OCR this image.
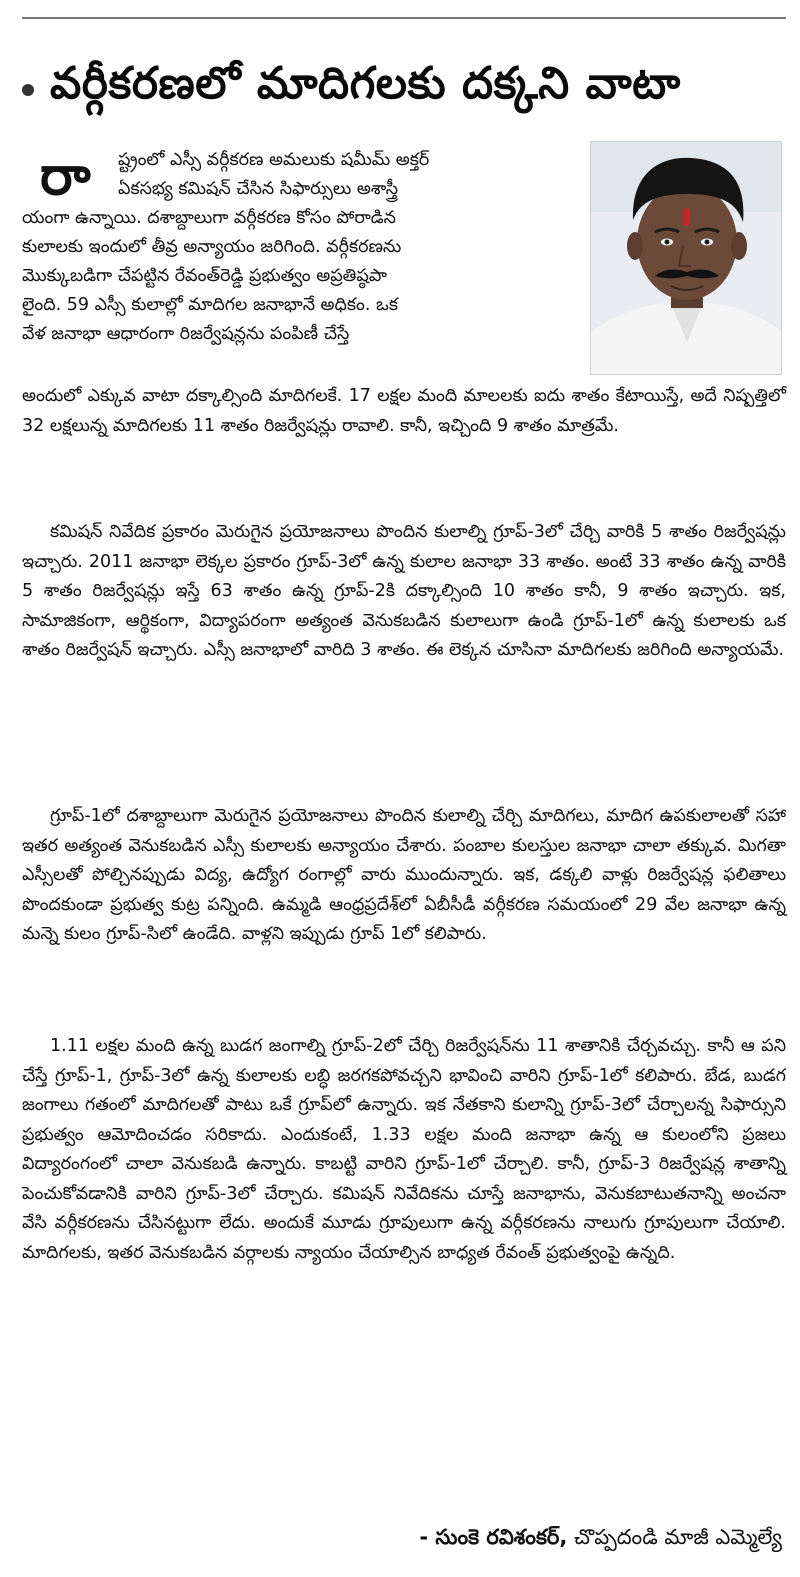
వర్గీకరణలో మాదిగలకు దక్కని వాటా
రా	ష్ట్రంలో ఎస్సీ వర్గీకరణ అమలుకు షమీమ్ అక్తర్
ఏకసభ్య కమిషన్ చేసిన సిఫార్సులు అశాస్త్రీ
యంగా ఉన్నాయి. దశాబ్దాలుగా వర్గీకరణ కోసం పోరాడిన
కులాలకు ఇందులో తీవ్ర అన్యాయం జరిగింది. వర్గీకరణను
మొక్కుబడిగా చేపట్టిన రేవంత్‌రెడ్డి ప్రభుత్వం అప్రతిష్ఠపా
లైంది. 59 ఎస్సీ కులాల్లో మాదిగల జనాభానే అధికం. ఒక
వేళ జనాభా ఆధారంగా రిజర్వేషన్లను పంపిణీ చేస్తే
అందులో ఎక్కువ వాటా దక్కాల్సింది మాదిగలకే. 17 లక్షల మంది మాలలకు ఐదు శాతం కేటాయిస్తే, అదే నిష్పత్తిలో 32 లక్షలున్న మాదిగలకు 11 శాతం రిజర్వేషన్లు రావాలి. కానీ, ఇచ్చింది 9 శాతం మాత్రమే.
కమిషన్ నివేదిక ప్రకారం మెరుగైన ప్రయోజనాలు పొందిన కులాల్ని గ్రూప్-3లో చేర్చి వారికి 5 శాతం రిజర్వేషన్లు ఇచ్చారు. 2011 జనాభా లెక్కల ప్రకారం గ్రూప్-3లో ఉన్న కులాల జనాభా 33 శాతం. అంటే 33 శాతం ఉన్న వారికి 5 శాతం రిజర్వేషన్లు ఇస్తే 63 శాతం ఉన్న గ్రూప్-2కి దక్కాల్సింది 10 శాతం కానీ, 9 శాతం ఇచ్చారు. ఇక, సామాజికంగా, ఆర్థికంగా, విద్యాపరంగా అత్యంత వెనుకబడిన కులాలుగా ఉండి గ్రూప్-1లో ఉన్న కులాలకు ఒక శాతం రిజర్వేషన్ ఇచ్చారు. ఎస్సీ జనాభాలో వారిది 3 శాతం. ఈ లెక్కన చూసినా మాదిగలకు జరిగింది అన్యాయమే.
గ్రూప్-1లో దశాబ్దాలుగా మెరుగైన ప్రయోజనాలు పొందిన కులాల్ని చేర్చి మాదిగలు, మాదిగ ఉపకులాలతో సహా ఇతర అత్యంత వెనుకబడిన ఎస్సీ కులాలకు అన్యాయం చేశారు. పంబాల కులస్తుల జనాభా చాలా తక్కువ. మిగతా ఎస్సీలతో పోల్చినప్పుడు విద్య, ఉద్యోగ రంగాల్లో వారు ముందున్నారు. ఇక, డక్కలి వాళ్లు రిజర్వేషన్ల ఫలితాలు పొందకుండా ప్రభుత్వ కుట్ర పన్నింది. ఉమ్మడి ఆంధ్రప్రదేశ్‌లో ఏబీసీడీ వర్గీకరణ సమయంలో 29 వేల జనాభా ఉన్న మన్నె కులం గ్రూప్-సిలో ఉండేది. వాళ్లని ఇప్పుడు గ్రూప్ 1లో కలిపారు.
1.11 లక్షల మంది ఉన్న బుడగ జంగాల్ని గ్రూప్-2లో చేర్చి రిజర్వేషన్‌ను 11 శాతానికి చేర్చవచ్చు. కానీ ఆ పని చేస్తే గ్రూప్-1, గ్రూప్-3లో ఉన్న కులాలకు లబ్ధి జరగకపోవచ్చని భావించి వారిని గ్రూప్-1లో కలిపారు. బేడ, బుడగ జంగాలు గతంలో మాదిగలతో పాటు ఒకే గ్రూప్‌లో ఉన్నారు. ఇక నేతకాని కులాన్ని గ్రూప్-3లో చేర్చాలన్న సిఫార్సుని ప్రభుత్వం ఆమోదించడం సరికాదు. ఎందుకంటే, 1.33 లక్షల మంది జనాభా ఉన్న ఆ కులంలోని ప్రజలు విద్యారంగంలో చాలా వెనుకబడి ఉన్నారు. కాబట్టి వారిని గ్రూప్-1లో చేర్చాలి. కానీ, గ్రూప్-3 రిజర్వేషన్ల శాతాన్ని పెంచుకోవడానికి వారిని గ్రూప్-3లో చేర్చారు. కమిషన్ నివేదికను చూస్తే జనాభాను, వెనుకబాటుతనాన్ని అంచనా వేసి వర్గీకరణను చేసినట్టుగా లేదు. అందుకే మూడు గ్రూపులుగా ఉన్న వర్గీకరణను నాలుగు గ్రూపులుగా చేయాలి. మాదిగలకు, ఇతర వెనుకబడిన వర్గాలకు న్యాయం చేయాల్సిన బాధ్యత రేవంత్ ప్రభుత్వంపై ఉన్నది.
- సుంకె రవిశంకర్, చొప్పదండి మాజీ ఎమ్మెల్యే
